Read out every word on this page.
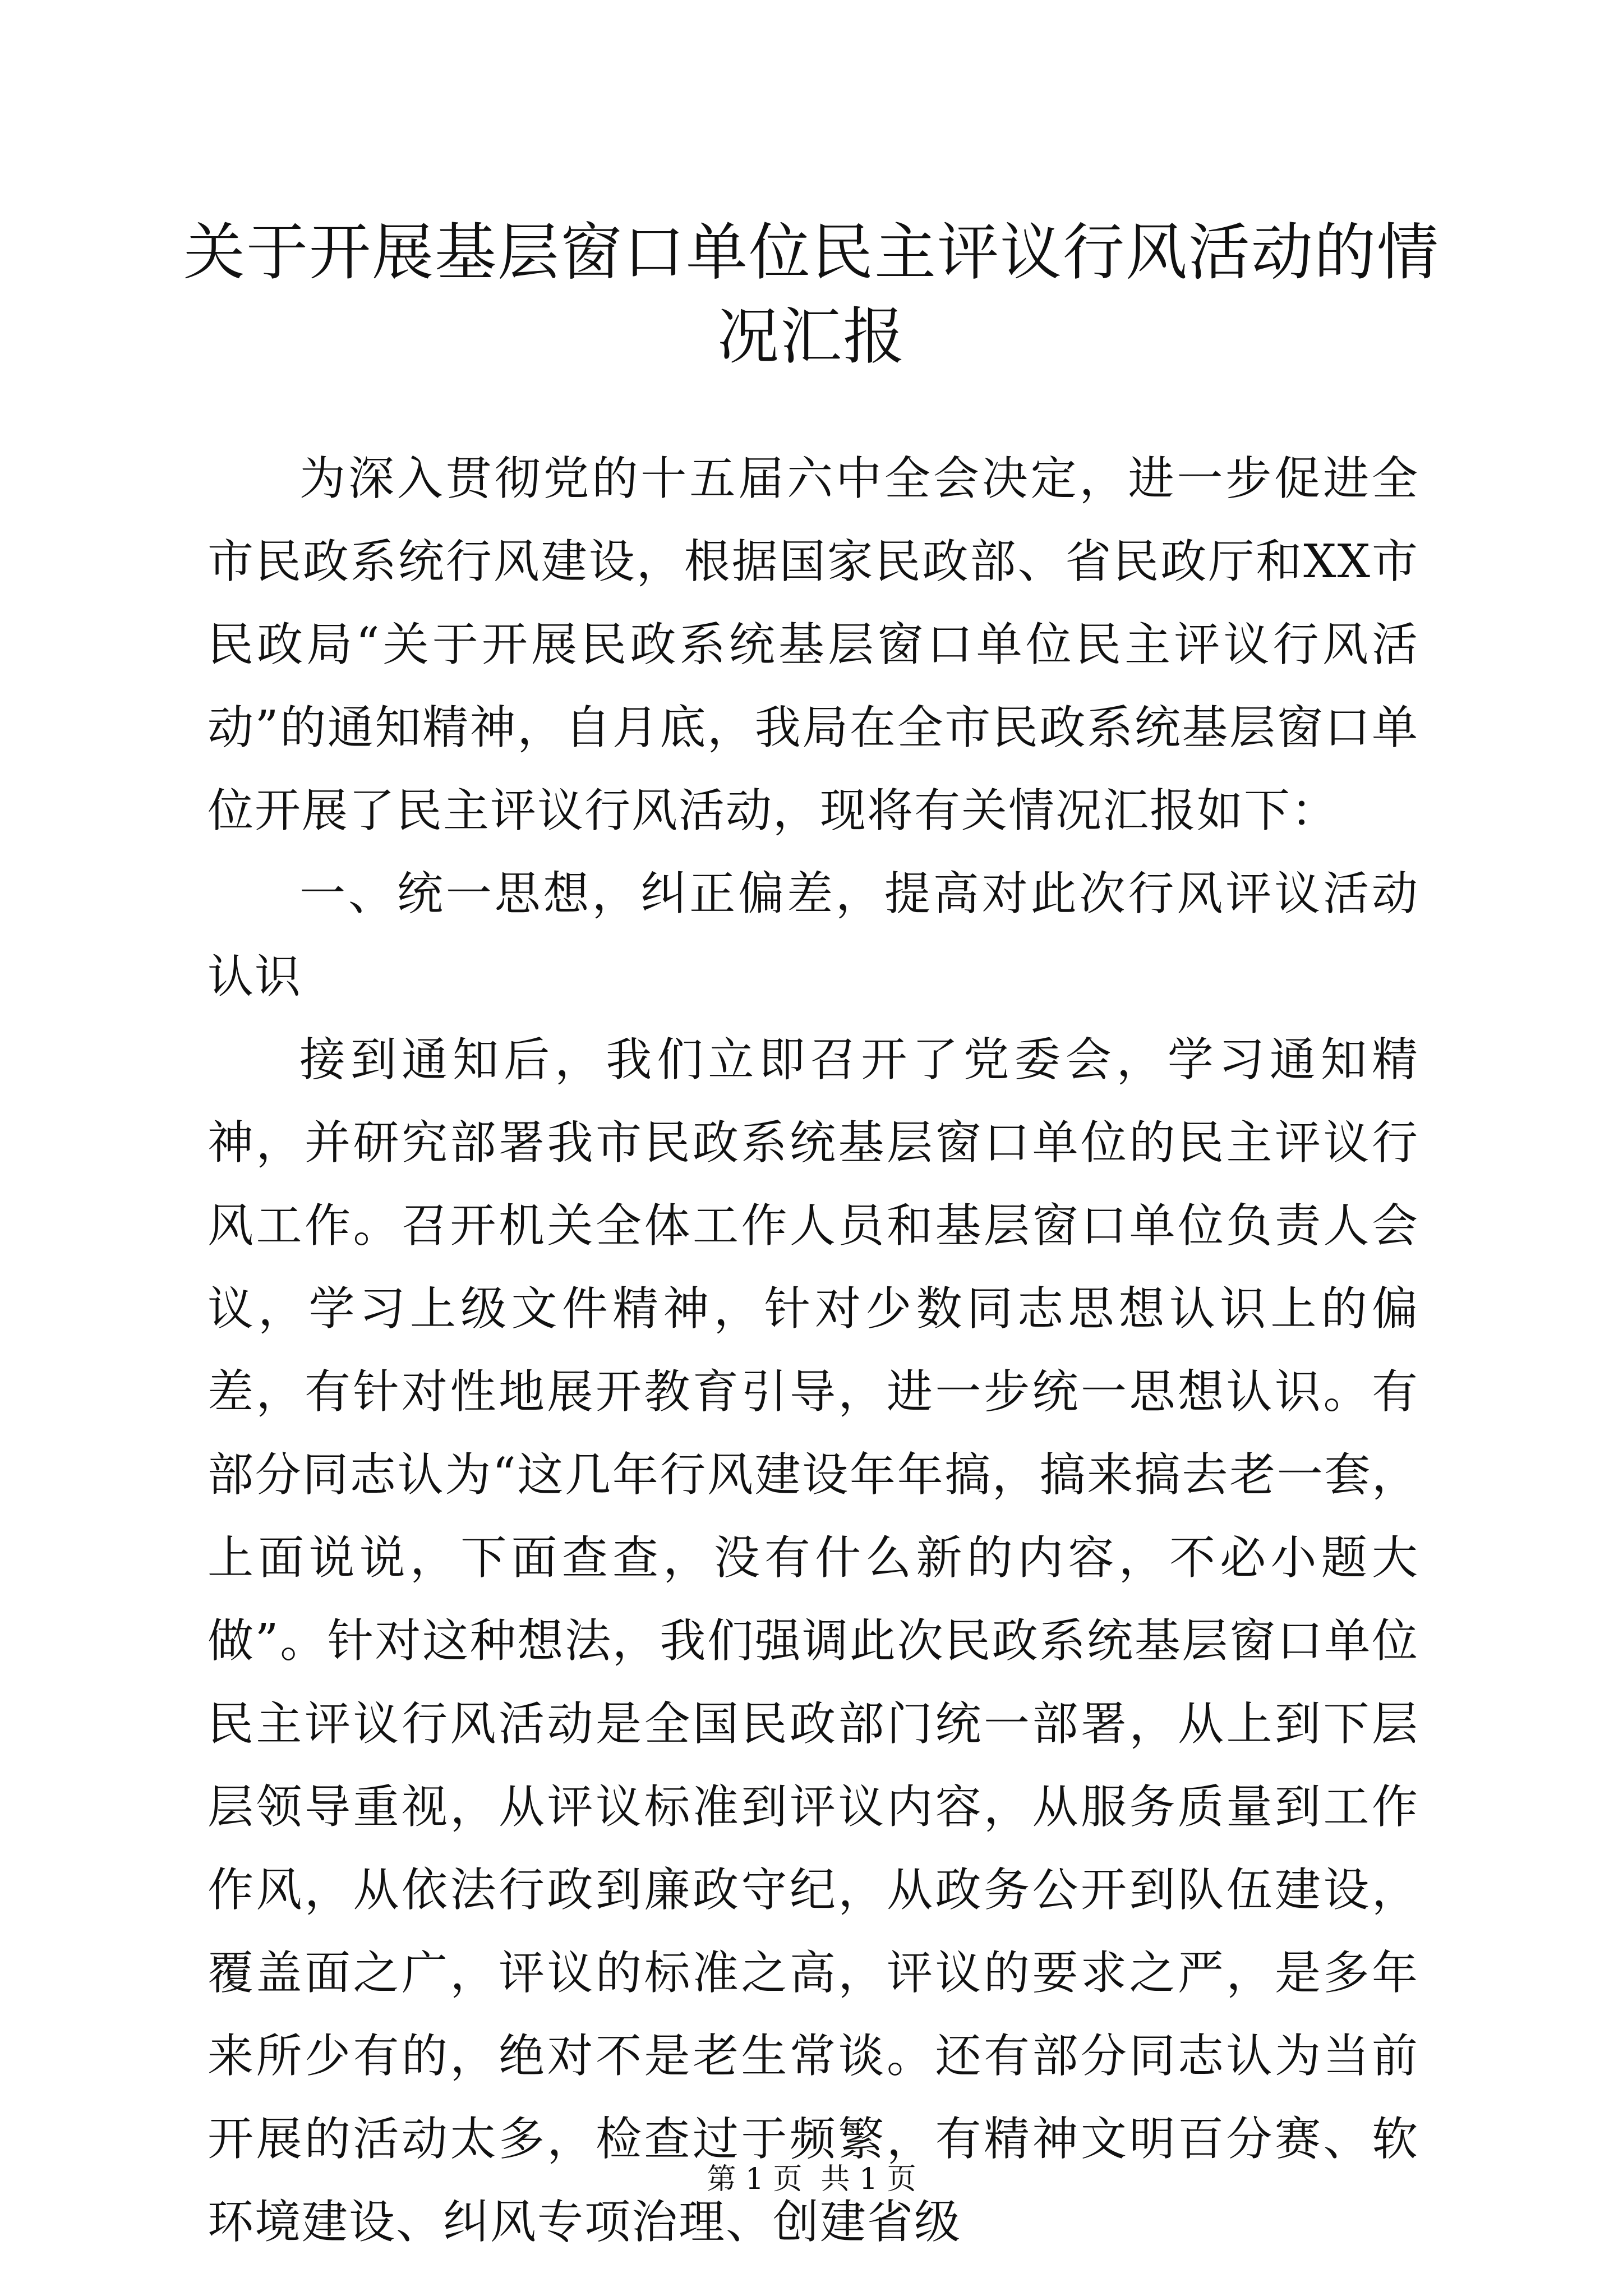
关于开展基层窗口单位民主评议行风活动的情况汇报

为深入贯彻党的十五届六中全会决定，进一步促进全市民政系统行风建设，根据国家民政部、省民政厅和XX市民政局“关于开展民政系统基层窗口单位民主评议行风活动”的通知精神，自月底，我局在全市民政系统基层窗口单位开展了民主评议行风活动，现将有关情况汇报如下：

一、统一思想，纠正偏差，提高对此次行风评议活动认识

接到通知后，我们立即召开了党委会，学习通知精神，并研究部署我市民政系统基层窗口单位的民主评议行风工作。召开机关全体工作人员和基层窗口单位负责人会议，学习上级文件精神，针对少数同志思想认识上的偏差，有针对性地展开教育引导，进一步统一思想认识。有部分同志认为“这几年行风建设年年搞，搞来搞去老一套，上面说说，下面查查，没有什么新的内容，不必小题大做”。针对这种想法，我们强调此次民政系统基层窗口单位民主评议行风活动是全国民政部门统一部署，从上到下层层领导重视，从评议标准到评议内容，从服务质量到工作作风，从依法行政到廉政守纪，从政务公开到队伍建设，覆盖面之广，评议的标准之高，评议的要求之严，是多年来所少有的，绝对不是老生常谈。还有部分同志认为当前开展的活动太多，检查过于频繁，有精神文明百分赛、软环境建设、纠风专项治理、创建省级

第 1 页  共 1 页
